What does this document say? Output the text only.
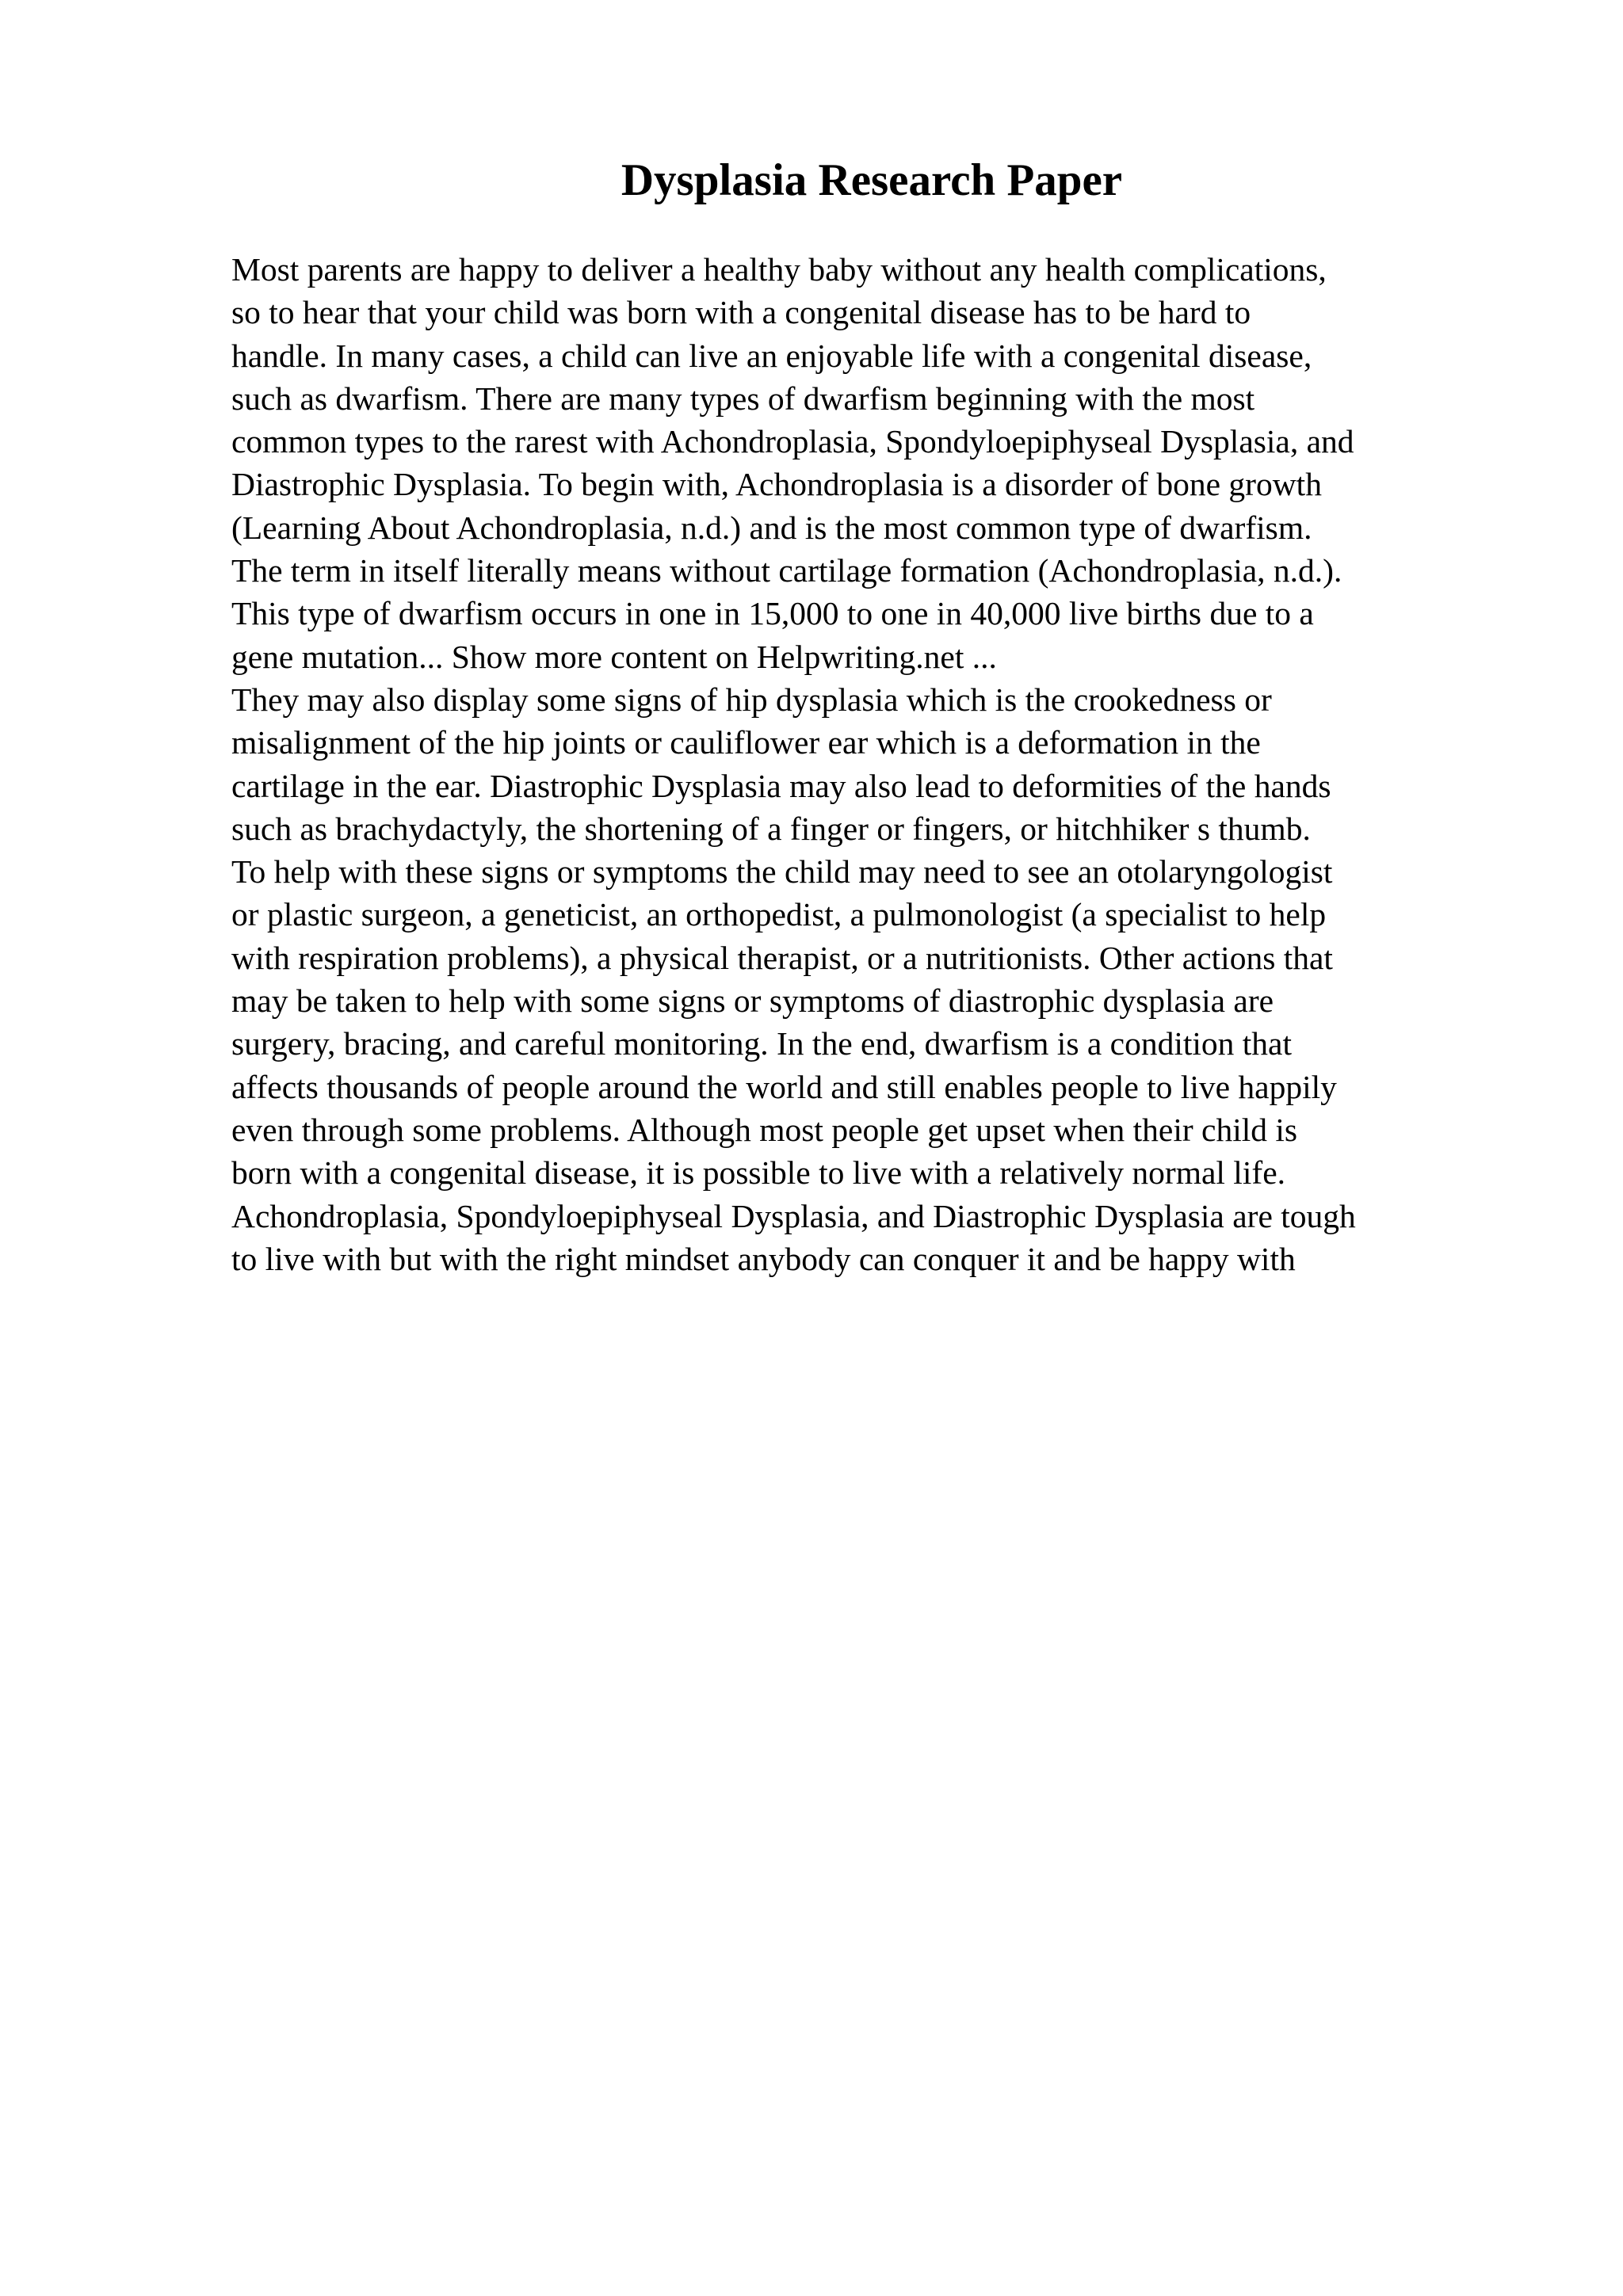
Dysplasia Research Paper
Most parents are happy to deliver a healthy baby without any health complications,
so to hear that your child was born with a congenital disease has to be hard to
handle. In many cases, a child can live an enjoyable life with a congenital disease,
such as dwarfism. There are many types of dwarfism beginning with the most
common types to the rarest with Achondroplasia, Spondyloepiphyseal Dysplasia, and
Diastrophic Dysplasia. To begin with, Achondroplasia is a disorder of bone growth
(Learning About Achondroplasia, n.d.) and is the most common type of dwarfism.
The term in itself literally means without cartilage formation (Achondroplasia, n.d.).
This type of dwarfism occurs in one in 15,000 to one in 40,000 live births due to a
gene mutation... Show more content on Helpwriting.net ...
They may also display some signs of hip dysplasia which is the crookedness or
misalignment of the hip joints or cauliflower ear which is a deformation in the
cartilage in the ear. Diastrophic Dysplasia may also lead to deformities of the hands
such as brachydactyly, the shortening of a finger or fingers, or hitchhiker s thumb.
To help with these signs or symptoms the child may need to see an otolaryngologist
or plastic surgeon, a geneticist, an orthopedist, a pulmonologist (a specialist to help
with respiration problems), a physical therapist, or a nutritionists. Other actions that
may be taken to help with some signs or symptoms of diastrophic dysplasia are
surgery, bracing, and careful monitoring. In the end, dwarfism is a condition that
affects thousands of people around the world and still enables people to live happily
even through some problems. Although most people get upset when their child is
born with a congenital disease, it is possible to live with a relatively normal life.
Achondroplasia, Spondyloepiphyseal Dysplasia, and Diastrophic Dysplasia are tough
to live with but with the right mindset anybody can conquer it and be happy with
